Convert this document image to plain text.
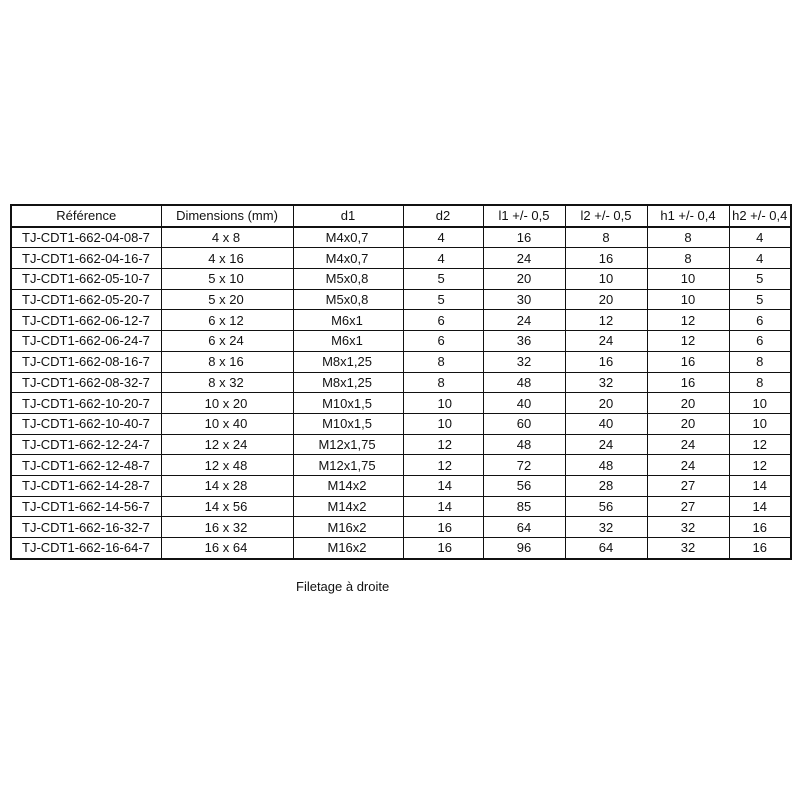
Référence	Dimensions (mm)	d1	d2	l1 +/- 0,5	l2 +/- 0,5	h1 +/- 0,4	h2 +/- 0,4
TJ-CDT1-662-04-08-7	4 x 8	M4x0,7	4	16	8	8	4
TJ-CDT1-662-04-16-7	4 x 16	M4x0,7	4	24	16	8	4
TJ-CDT1-662-05-10-7	5 x 10	M5x0,8	5	20	10	10	5
TJ-CDT1-662-05-20-7	5 x 20	M5x0,8	5	30	20	10	5
TJ-CDT1-662-06-12-7	6 x 12	M6x1	6	24	12	12	6
TJ-CDT1-662-06-24-7	6 x 24	M6x1	6	36	24	12	6
TJ-CDT1-662-08-16-7	8 x 16	M8x1,25	8	32	16	16	8
TJ-CDT1-662-08-32-7	8 x 32	M8x1,25	8	48	32	16	8
TJ-CDT1-662-10-20-7	10 x 20	M10x1,5	10	40	20	20	10
TJ-CDT1-662-10-40-7	10 x 40	M10x1,5	10	60	40	20	10
TJ-CDT1-662-12-24-7	12 x 24	M12x1,75	12	48	24	24	12
TJ-CDT1-662-12-48-7	12 x 48	M12x1,75	12	72	48	24	12
TJ-CDT1-662-14-28-7	14 x 28	M14x2	14	56	28	27	14
TJ-CDT1-662-14-56-7	14 x 56	M14x2	14	85	56	27	14
TJ-CDT1-662-16-32-7	16 x 32	M16x2	16	64	32	32	16
TJ-CDT1-662-16-64-7	16 x 64	M16x2	16	96	64	32	16
Filetage à droite
